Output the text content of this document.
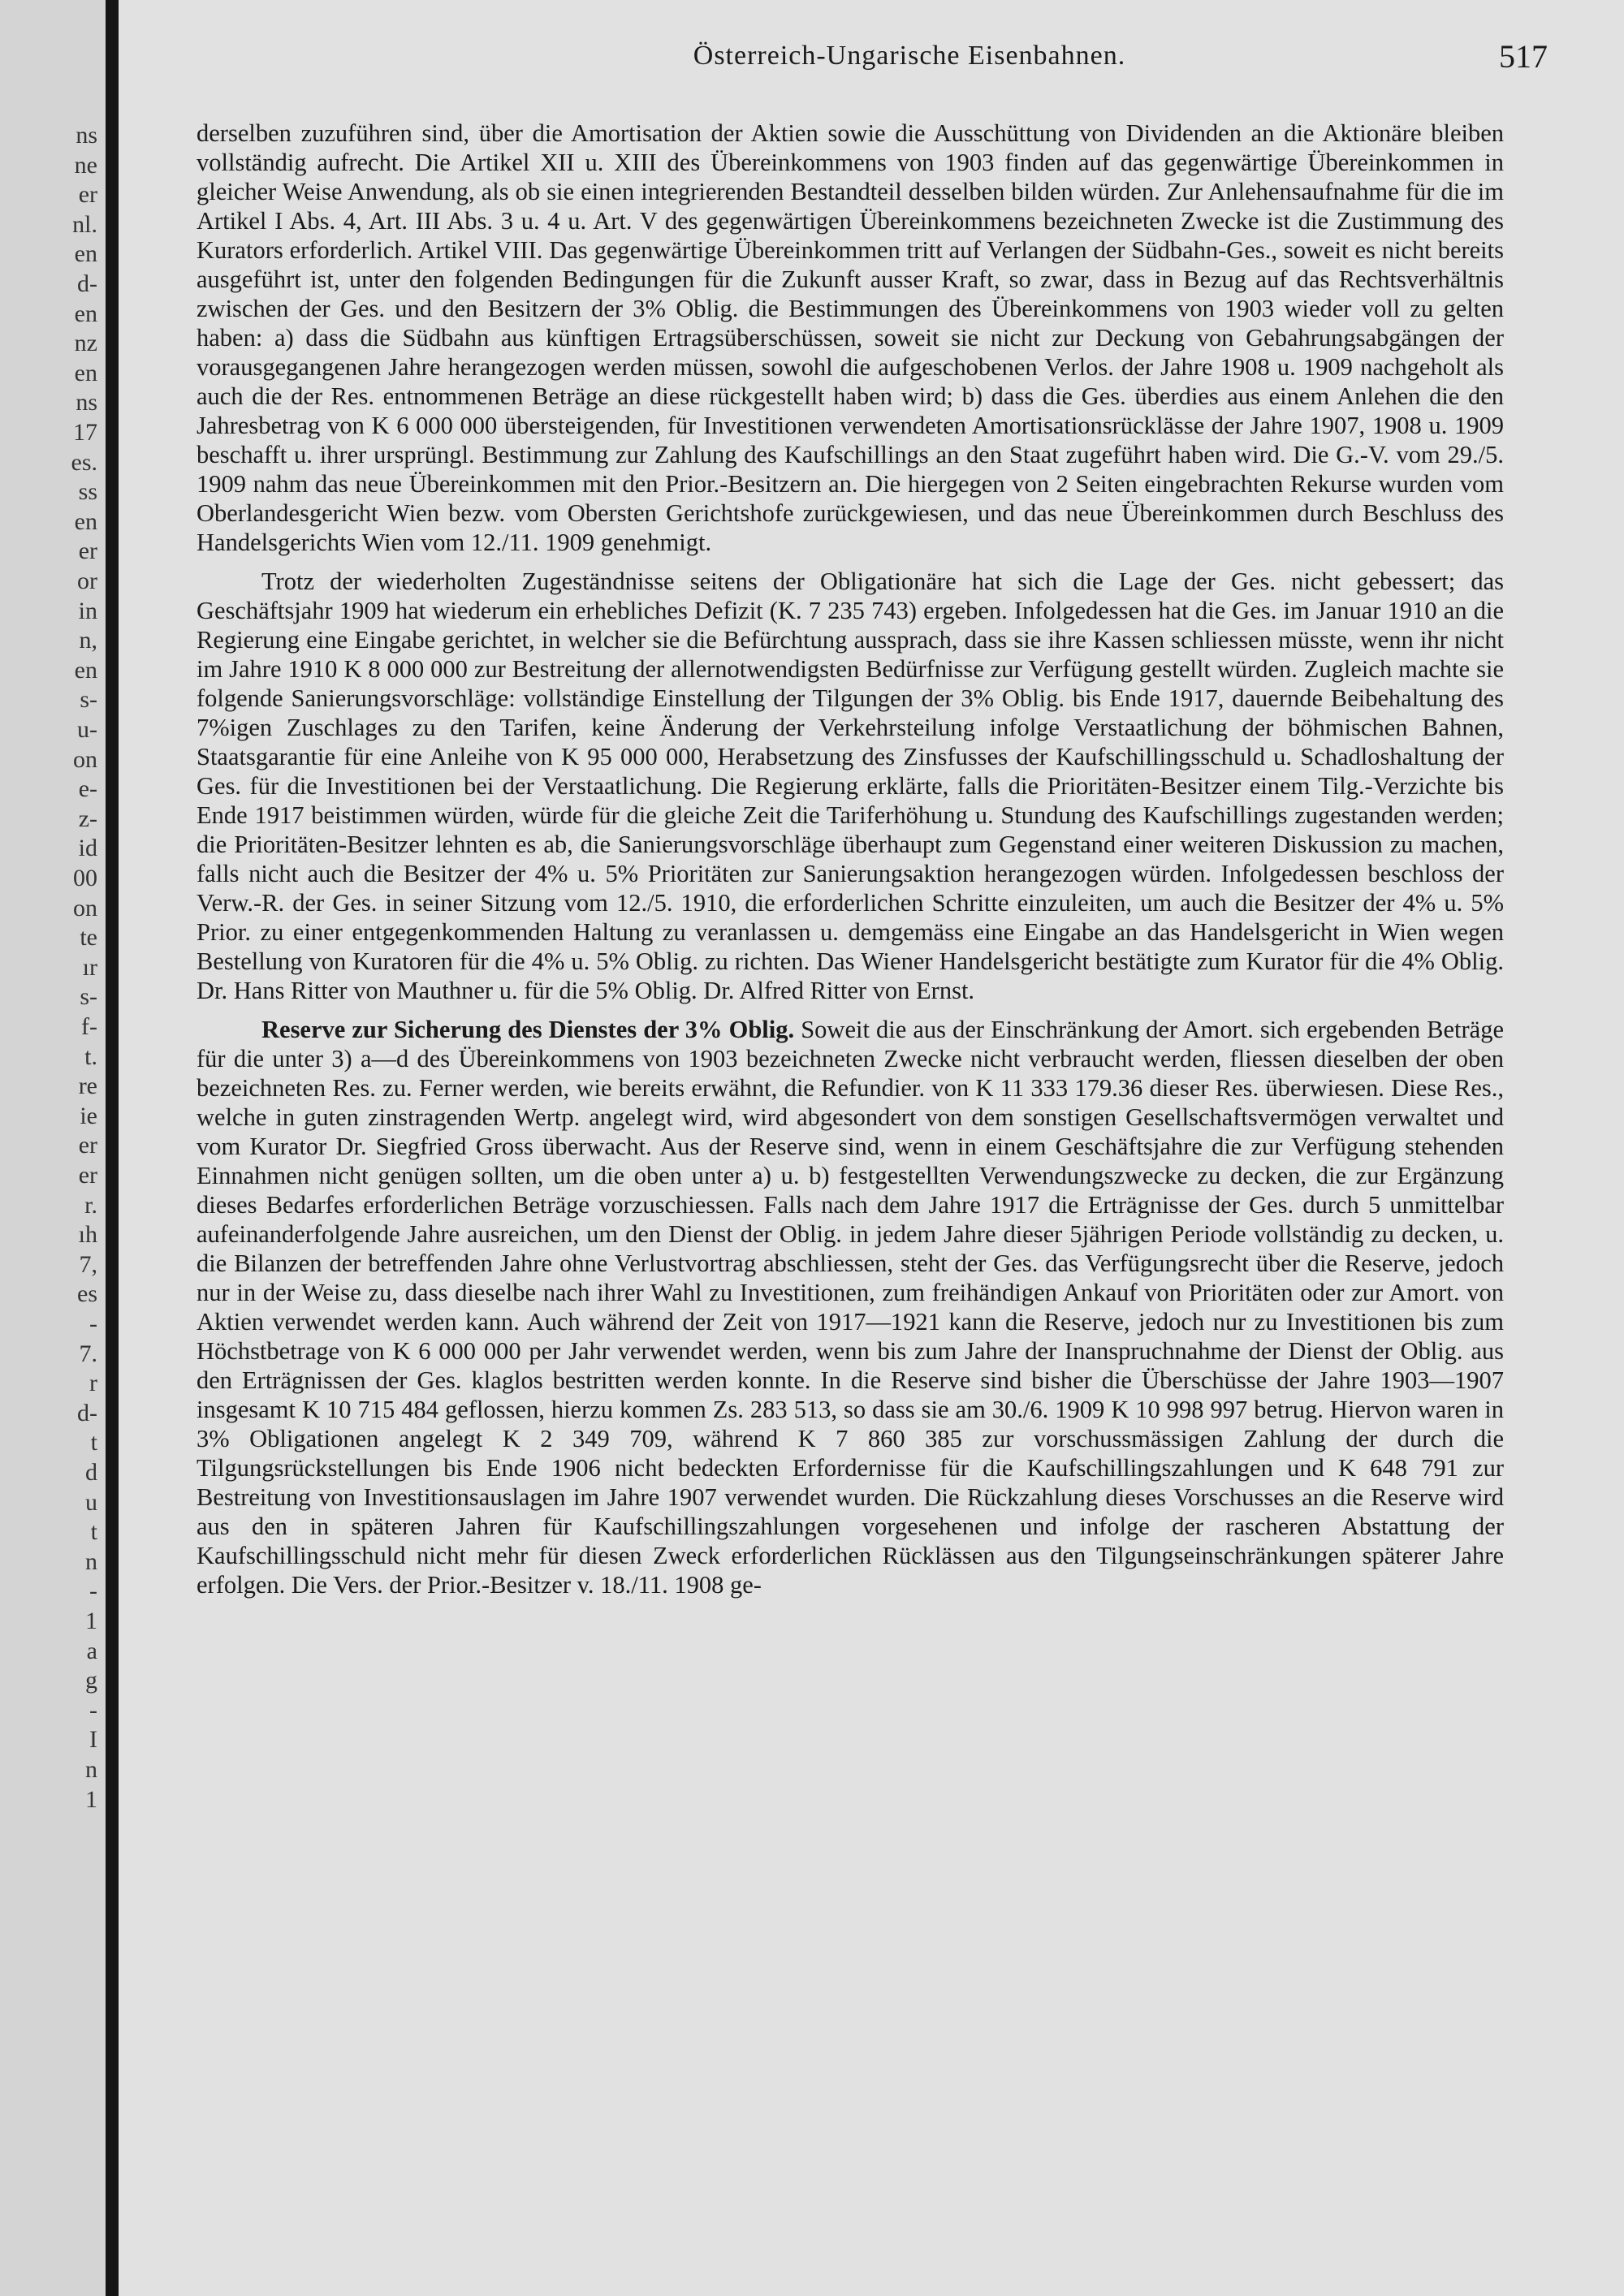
ns
ne
er
nl.
en
d-
en
nz
en
ns
17
es.
ss
en
er
or
in
n,
en
s-
u-
on
e-
z-
id
00
on
te
ır
s-
f-
t.
re
ie
er
er
r.
ıh
7,
es
-
7.
r
d-
t
d
u
t
n
-
1
a
g
-
I
n
1
Österreich-Ungarische Eisenbahnen.	517

derselben zuzuführen sind, über die Amortisation der Aktien sowie die Ausschüttung von Dividenden an die Aktionäre bleiben vollständig aufrecht. Die Artikel XII u. XIII des Übereinkommens von 1903 finden auf das gegenwärtige Übereinkommen in gleicher Weise Anwendung, als ob sie einen integrierenden Bestandteil desselben bilden würden. Zur Anlehensaufnahme für die im Artikel I Abs. 4, Art. III Abs. 3 u. 4 u. Art. V des gegenwärtigen Übereinkommens bezeichneten Zwecke ist die Zustimmung des Kurators erforderlich. Artikel VIII. Das gegenwärtige Übereinkommen tritt auf Verlangen der Südbahn-Ges., soweit es nicht bereits ausgeführt ist, unter den folgenden Bedingungen für die Zukunft ausser Kraft, so zwar, dass in Bezug auf das Rechtsverhältnis zwischen der Ges. und den Besitzern der 3% Oblig. die Bestimmungen des Übereinkommens von 1903 wieder voll zu gelten haben: a) dass die Südbahn aus künftigen Ertragsüberschüssen, soweit sie nicht zur Deckung von Gebahrungsabgängen der vorausgegangenen Jahre herangezogen werden müssen, sowohl die aufgeschobenen Verlos. der Jahre 1908 u. 1909 nachgeholt als auch die der Res. entnommenen Beträge an diese rückgestellt haben wird; b) dass die Ges. überdies aus einem Anlehen die den Jahresbetrag von K 6 000 000 übersteigenden, für Investitionen verwendeten Amortisationsrücklässe der Jahre 1907, 1908 u. 1909 beschafft u. ihrer ursprüngl. Bestimmung zur Zahlung des Kaufschillings an den Staat zugeführt haben wird. Die G.-V. vom 29./5. 1909 nahm das neue Übereinkommen mit den Prior.-Besitzern an. Die hiergegen von 2 Seiten eingebrachten Rekurse wurden vom Oberlandesgericht Wien bezw. vom Obersten Gerichtshofe zurückgewiesen, und das neue Übereinkommen durch Beschluss des Handelsgerichts Wien vom 12./11. 1909 genehmigt.

Trotz der wiederholten Zugeständnisse seitens der Obligationäre hat sich die Lage der Ges. nicht gebessert; das Geschäftsjahr 1909 hat wiederum ein erhebliches Defizit (K. 7 235 743) ergeben. Infolgedessen hat die Ges. im Januar 1910 an die Regierung eine Eingabe gerichtet, in welcher sie die Befürchtung aussprach, dass sie ihre Kassen schliessen müsste, wenn ihr nicht im Jahre 1910 K 8 000 000 zur Bestreitung der allernotwendigsten Bedürfnisse zur Verfügung gestellt würden. Zugleich machte sie folgende Sanierungsvorschläge: vollständige Einstellung der Tilgungen der 3% Oblig. bis Ende 1917, dauernde Beibehaltung des 7%igen Zuschlages zu den Tarifen, keine Änderung der Verkehrsteilung infolge Verstaatlichung der böhmischen Bahnen, Staatsgarantie für eine Anleihe von K 95 000 000, Herabsetzung des Zinsfusses der Kaufschillingsschuld u. Schadloshaltung der Ges. für die Investitionen bei der Verstaatlichung. Die Regierung erklärte, falls die Prioritäten-Besitzer einem Tilg.-Verzichte bis Ende 1917 beistimmen würden, würde für die gleiche Zeit die Tariferhöhung u. Stundung des Kaufschillings zugestanden werden; die Prioritäten-Besitzer lehnten es ab, die Sanierungsvorschläge überhaupt zum Gegenstand einer weiteren Diskussion zu machen, falls nicht auch die Besitzer der 4% u. 5% Prioritäten zur Sanierungsaktion herangezogen würden. Infolgedessen beschloss der Verw.-R. der Ges. in seiner Sitzung vom 12./5. 1910, die erforderlichen Schritte einzuleiten, um auch die Besitzer der 4% u. 5% Prior. zu einer entgegenkommenden Haltung zu veranlassen u. demgemäss eine Eingabe an das Handelsgericht in Wien wegen Bestellung von Kuratoren für die 4% u. 5% Oblig. zu richten. Das Wiener Handelsgericht bestätigte zum Kurator für die 4% Oblig. Dr. Hans Ritter von Mauthner u. für die 5% Oblig. Dr. Alfred Ritter von Ernst.

Reserve zur Sicherung des Dienstes der 3% Oblig. Soweit die aus der Einschränkung der Amort. sich ergebenden Beträge für die unter 3) a—d des Übereinkommens von 1903 bezeichneten Zwecke nicht verbraucht werden, fliessen dieselben der oben bezeichneten Res. zu. Ferner werden, wie bereits erwähnt, die Refundier. von K 11 333 179.36 dieser Res. überwiesen. Diese Res., welche in guten zinstragenden Wertp. angelegt wird, wird abgesondert von dem sonstigen Gesellschaftsvermögen verwaltet und vom Kurator Dr. Siegfried Gross überwacht. Aus der Reserve sind, wenn in einem Geschäftsjahre die zur Verfügung stehenden Einnahmen nicht genügen sollten, um die oben unter a) u. b) festgestellten Verwendungszwecke zu decken, die zur Ergänzung dieses Bedarfes erforderlichen Beträge vorzuschiessen. Falls nach dem Jahre 1917 die Erträgnisse der Ges. durch 5 unmittelbar aufeinanderfolgende Jahre ausreichen, um den Dienst der Oblig. in jedem Jahre dieser 5jährigen Periode vollständig zu decken, u. die Bilanzen der betreffenden Jahre ohne Verlustvortrag abschliessen, steht der Ges. das Verfügungsrecht über die Reserve, jedoch nur in der Weise zu, dass dieselbe nach ihrer Wahl zu Investitionen, zum freihändigen Ankauf von Prioritäten oder zur Amort. von Aktien verwendet werden kann. Auch während der Zeit von 1917—1921 kann die Reserve, jedoch nur zu Investitionen bis zum Höchstbetrage von K 6 000 000 per Jahr verwendet werden, wenn bis zum Jahre der Inanspruchnahme der Dienst der Oblig. aus den Erträgnissen der Ges. klaglos bestritten werden konnte. In die Reserve sind bisher die Überschüsse der Jahre 1903—1907 insgesamt K 10 715 484 geflossen, hierzu kommen Zs. 283 513, so dass sie am 30./6. 1909 K 10 998 997 betrug. Hiervon waren in 3% Obligationen angelegt K 2 349 709, während K 7 860 385 zur vorschussmässigen Zahlung der durch die Tilgungsrückstellungen bis Ende 1906 nicht bedeckten Erfordernisse für die Kaufschillingszahlungen und K 648 791 zur Bestreitung von Investitionsauslagen im Jahre 1907 verwendet wurden. Die Rückzahlung dieses Vorschusses an die Reserve wird aus den in späteren Jahren für Kaufschillingszahlungen vorgesehenen und infolge der rascheren Abstattung der Kaufschillingsschuld nicht mehr für diesen Zweck erforderlichen Rücklässen aus den Tilgungseinschränkungen späterer Jahre erfolgen. Die Vers. der Prior.-Besitzer v. 18./11. 1908 ge-
